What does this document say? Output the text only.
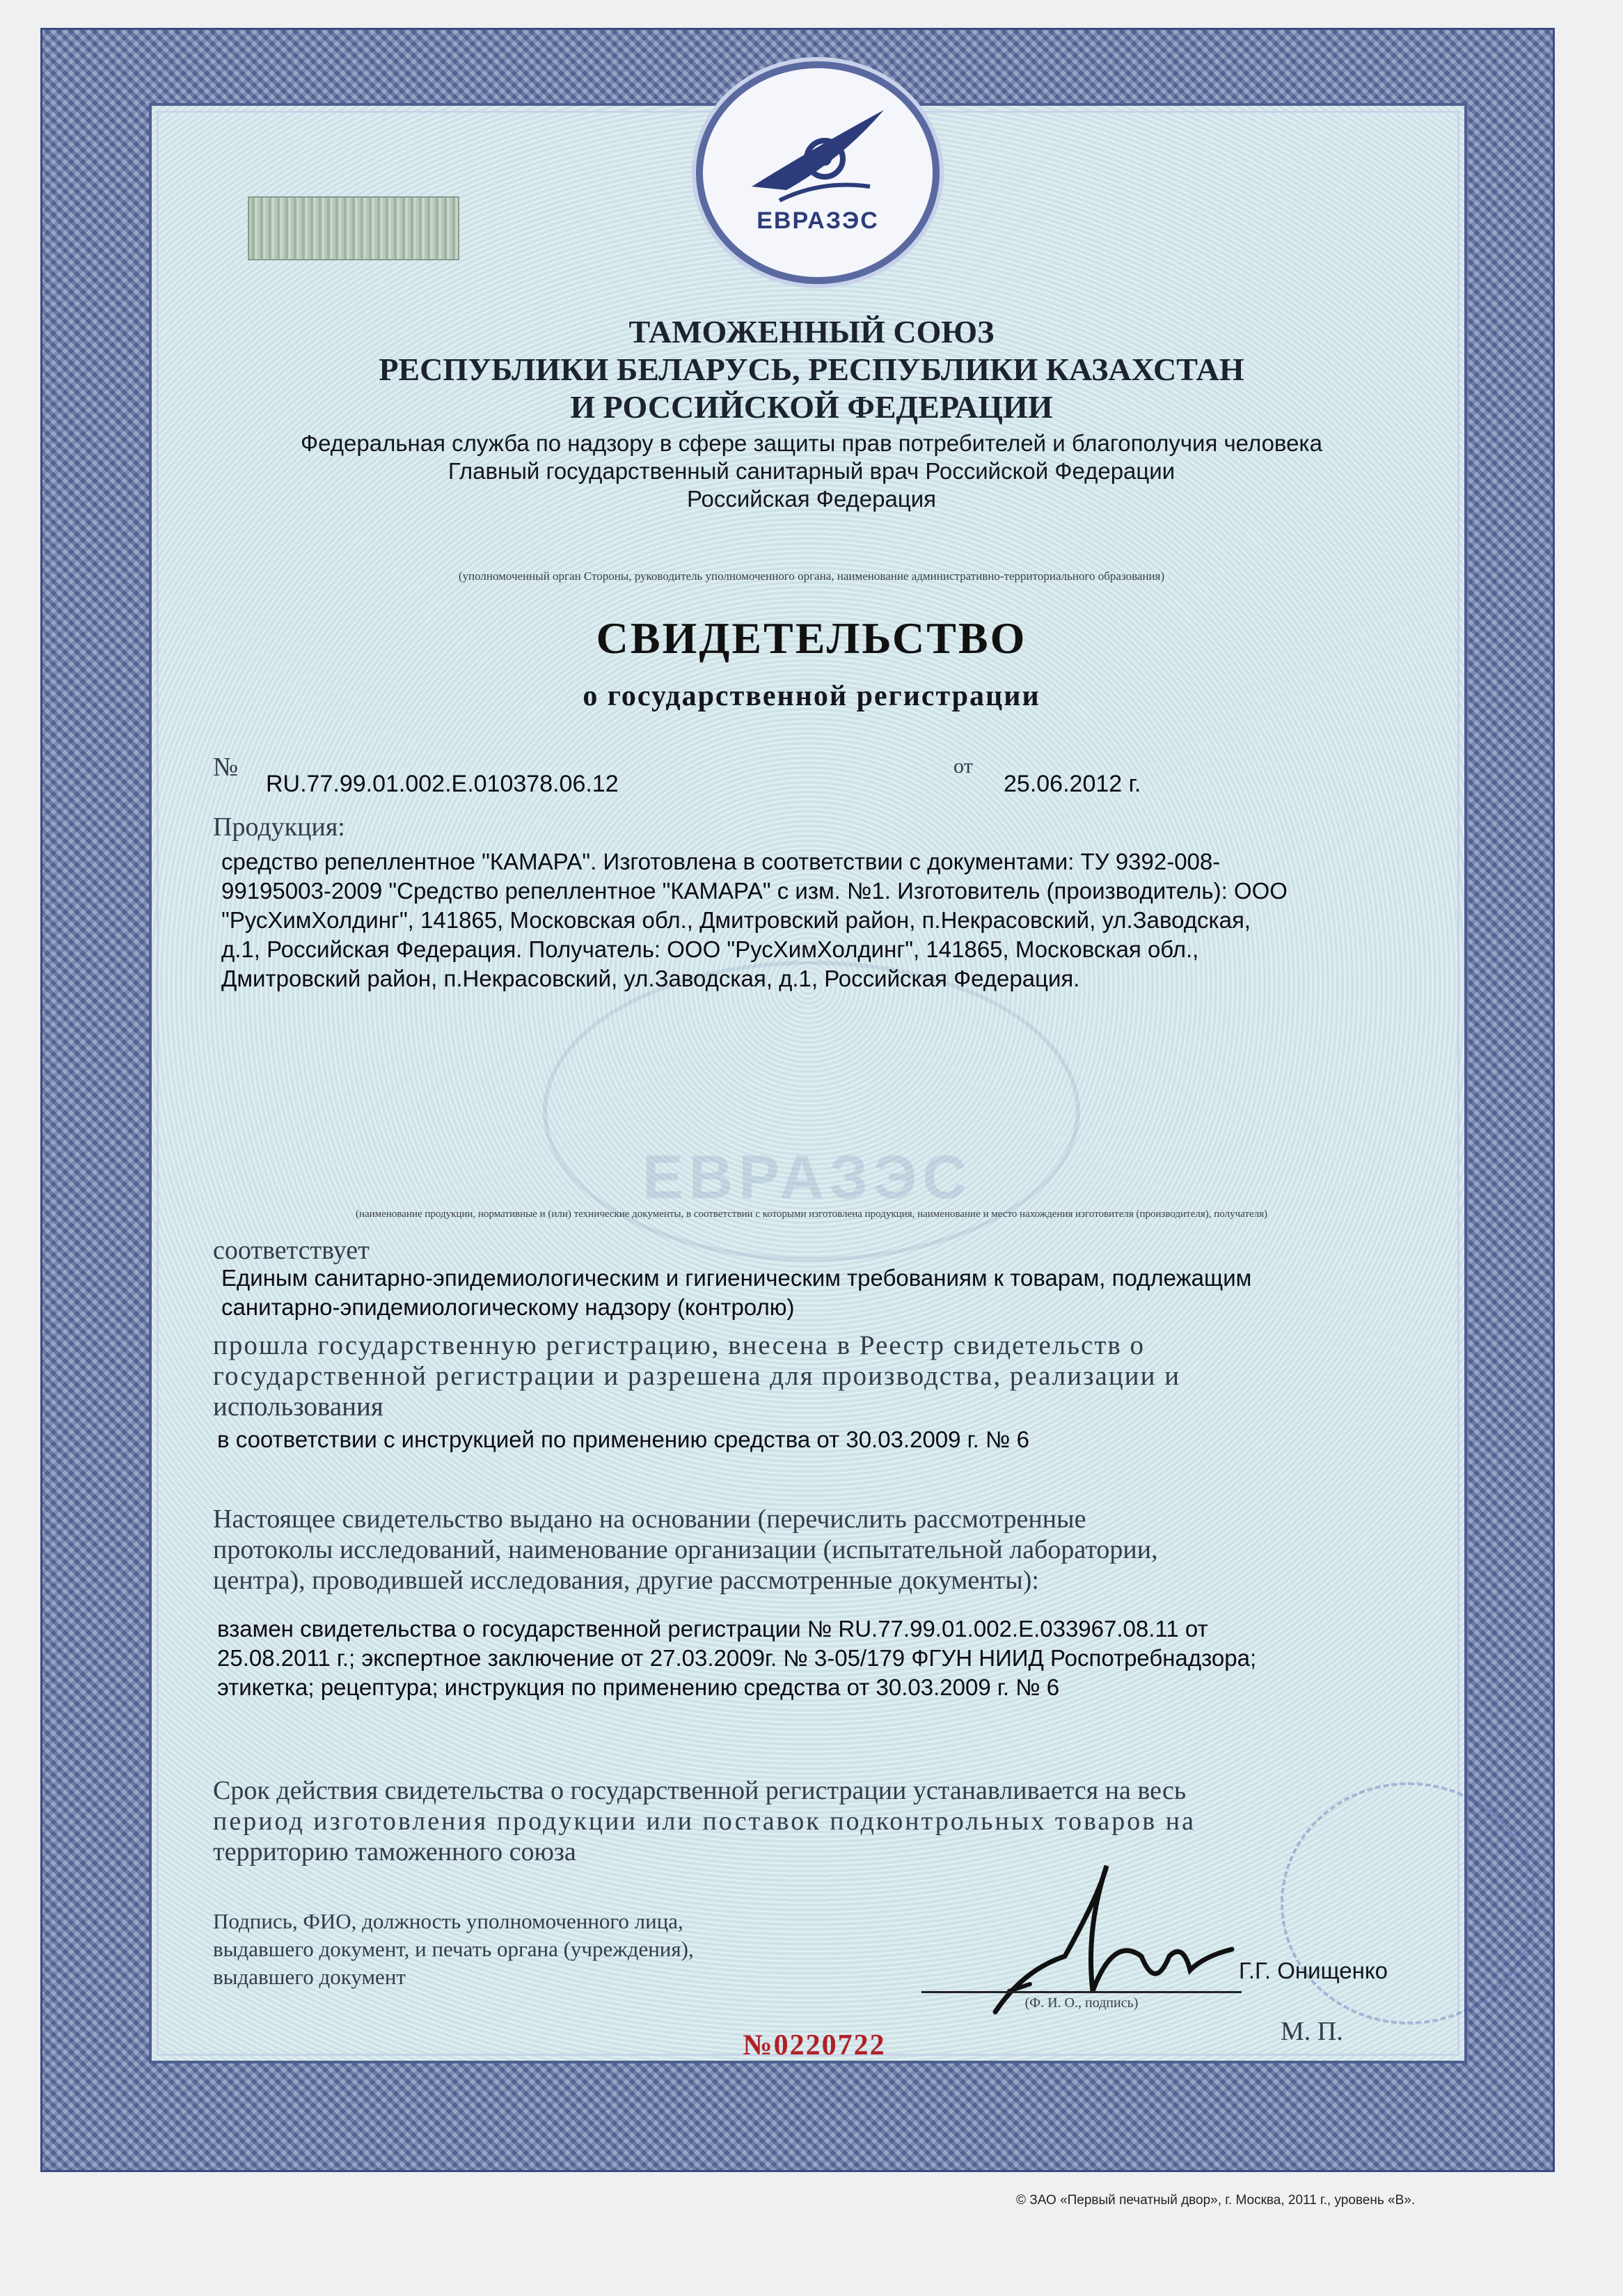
ЕВРАЗЭС
ЕВРАЗЭС
ТАМОЖЕННЫЙ СОЮЗ
РЕСПУБЛИКИ БЕЛАРУСЬ, РЕСПУБЛИКИ КАЗАХСТАН
И РОССИЙСКОЙ ФЕДЕРАЦИИ
Федеральная служба по надзору в сфере защиты прав потребителей и благополучия человека
Главный государственный санитарный врач Российской Федерации
Российская Федерация
(уполномоченный орган Стороны, руководитель уполномоченного органа, наименование административно-территориального образования)
СВИДЕТЕЛЬСТВО
о государственной регистрации
№
RU.77.99.01.002.E.010378.06.12
от
25.06.2012 г.
Продукция:
средство репеллентное "КАМАРА". Изготовлена в соответствии с документами: ТУ 9392-008-
99195003-2009 "Средство репеллентное "КАМАРА" с изм. №1. Изготовитель (производитель): ООО
"РусХимХолдинг", 141865, Московская обл., Дмитровский район, п.Некрасовский, ул.Заводская,
д.1, Российская Федерация. Получатель: ООО "РусХимХолдинг", 141865, Московская обл.,
Дмитровский район, п.Некрасовский, ул.Заводская, д.1, Российская Федерация.
(наименование продукции, нормативные и (или) технические документы, в соответствии с которыми изготовлена продукция, наименование и место нахождения изготовителя (производителя), получателя)
соответствует
Единым санитарно-эпидемиологическим и гигиеническим требованиям к товарам, подлежащим
санитарно-эпидемиологическому надзору (контролю)
прошла государственную регистрацию, внесена в Реестр свидетельств о
государственной регистрации и разрешена для производства, реализации и
использования
в соответствии с инструкцией по применению средства от 30.03.2009 г. № 6
Настоящее свидетельство выдано на основании (перечислить рассмотренные
протоколы исследований, наименование организации (испытательной лаборатории,
центра), проводившей исследования, другие рассмотренные документы):
взамен свидетельства о государственной регистрации № RU.77.99.01.002.E.033967.08.11 от
25.08.2011 г.; экспертное заключение от 27.03.2009г. № 3-05/179 ФГУН НИИД Роспотребнадзора;
этикетка; рецептура; инструкция по применению средства от 30.03.2009 г. № 6
Срок действия свидетельства о государственной регистрации устанавливается на весь
период изготовления продукции или поставок подконтрольных товаров на
территорию таможенного союза
Подпись, ФИО, должность уполномоченного лица,
выдавшего документ, и печать органа (учреждения),
выдавшего документ	Г.Г. Онищенко
(Ф. И. О., подпись)
М. П.
№0220722
© ЗАО «Первый печатный двор», г. Москва, 2011 г., уровень «В».
